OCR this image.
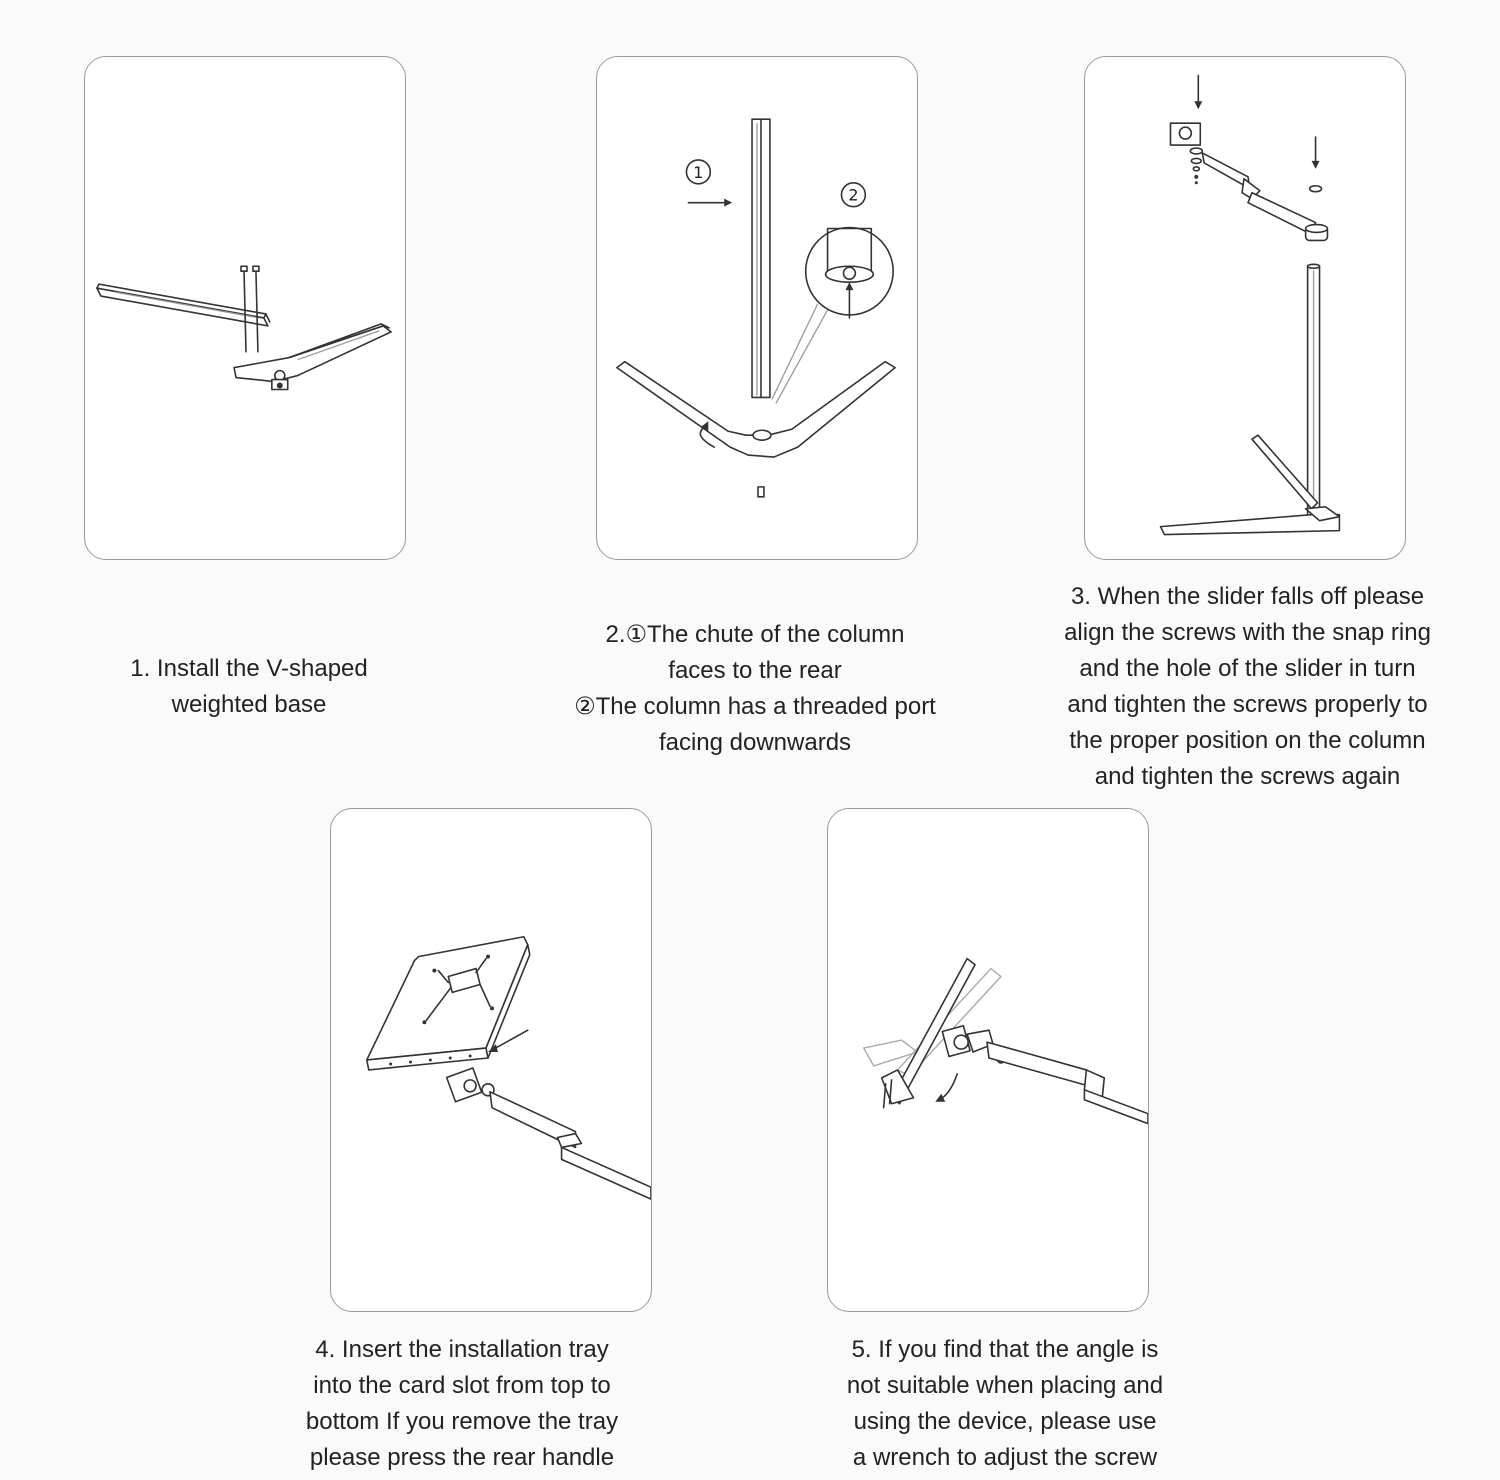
1
2
1. Install the V-shaped
weighted base
2.①The chute of the column
faces to the rear
②The column has a threaded port
facing downwards
3. When the slider falls off please
align the screws with the snap ring
and the hole of the slider in turn
and tighten the screws properly to
the proper position on the column
and tighten the screws again
4. Insert the installation tray
into the card slot from top to
bottom If you remove the tray
please press the rear handle
5. If you find that the angle is
not suitable when placing and
using the device, please use
a wrench to adjust the screw
